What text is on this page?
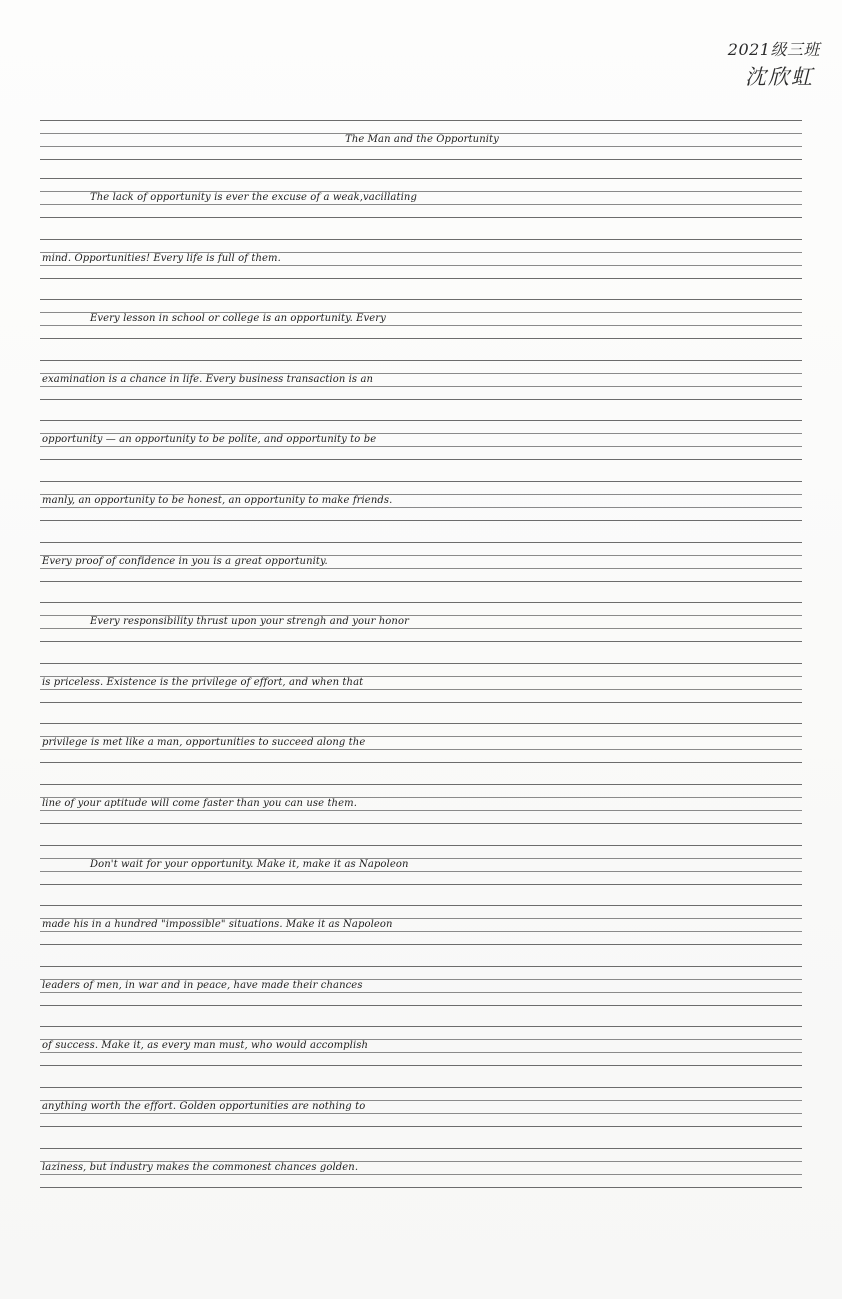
2021级三班
沈欣虹
The Man and the Opportunity
The lack of opportunity is ever the excuse of a weak,vacillating
mind. Opportunities! Every life is full of them.
Every lesson in school or college is an opportunity. Every
examination is a chance in life. Every business transaction is an
opportunity — an opportunity to be polite, and opportunity to be
manly, an opportunity to be honest, an opportunity to make friends.
Every proof of confidence in you is a great opportunity.
Every responsibility thrust upon your strengh and your honor
is priceless. Existence is the privilege of effort, and when that
privilege is met like a man, opportunities to succeed along the
line of your aptitude will come faster than you can use them.
Don't wait for your opportunity. Make it, make it as Napoleon
made his in a hundred "impossible" situations. Make it as Napoleon
leaders of men, in war and in peace, have made their chances
of success. Make it, as every man must, who would accomplish
anything worth the effort. Golden opportunities are nothing to
laziness, but industry makes the commonest chances golden.
